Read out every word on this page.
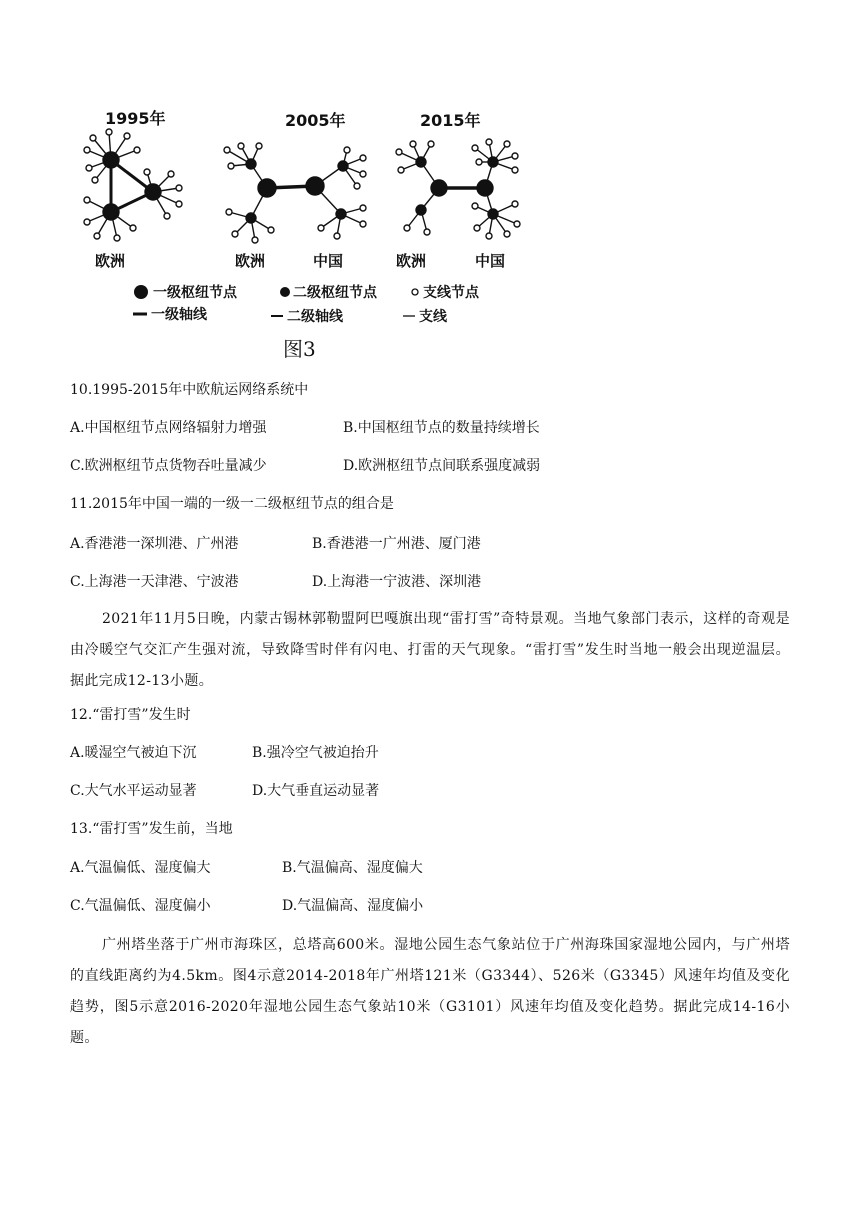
1995年	2005年	2015年
欧洲	欧洲	中国	欧洲	中国
一级枢纽节点	二级枢纽节点	支线节点
一级轴线	二级轴线	支线
图3
10.1995-2015年中欧航运网络系统中
A.中国枢纽节点网络辐射力增强	B.中国枢纽节点的数量持续增长
C.欧洲枢纽节点货物吞吐量减少	D.欧洲枢纽节点间联系强度减弱
11.2015年中国一端的一级一二级枢纽节点的组合是
A.香港港一深圳港、广州港	B.香港港一广州港、厦门港
C.上海港一天津港、宁波港	D.上海港一宁波港、深圳港
2021年11月5日晚，内蒙古锡林郭勒盟阿巴嘎旗出现“雷打雪”奇特景观。当地气象部门表示，这样的奇观是由冷暖空气交汇产生强对流，导致降雪时伴有闪电、打雷的天气现象。“雷打雪”发生时当地一般会出现逆温层。据此完成12-13小题。
12.“雷打雪”发生时
A.暖湿空气被迫下沉	B.强冷空气被迫抬升
C.大气水平运动显著	D.大气垂直运动显著
13.“雷打雪”发生前，当地
A.气温偏低、湿度偏大	B.气温偏高、湿度偏大
C.气温偏低、湿度偏小	D.气温偏高、湿度偏小
广州塔坐落于广州市海珠区，总塔高600米。湿地公园生态气象站位于广州海珠国家湿地公园内，与广州塔的直线距离约为4.5km。图4示意2014-2018年广州塔121米（G3344）、526米（G3345）风速年均值及变化趋势，图5示意2016-2020年湿地公园生态气象站10米（G3101）风速年均值及变化趋势。据此完成14-16小题。
